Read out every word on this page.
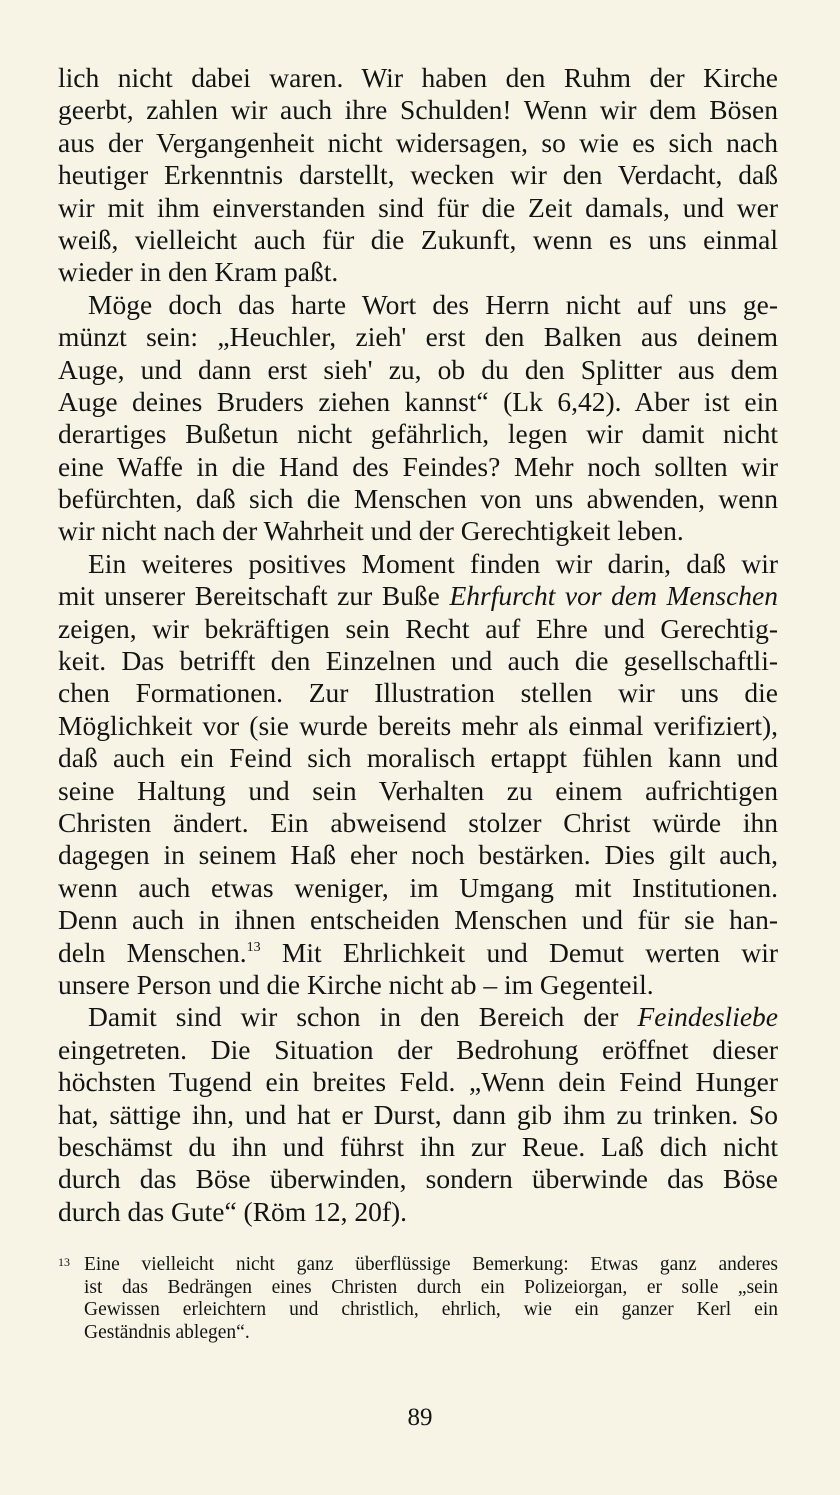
lich nicht dabei waren. Wir haben den Ruhm der Kirche
geerbt, zahlen wir auch ihre Schulden! Wenn wir dem Bösen
aus der Vergangenheit nicht widersagen, so wie es sich nach
heutiger Erkenntnis darstellt, wecken wir den Verdacht, daß
wir mit ihm einverstanden sind für die Zeit damals, und wer
weiß, vielleicht auch für die Zukunft, wenn es uns einmal
wieder in den Kram paßt.
Möge doch das harte Wort des Herrn nicht auf uns ge-
münzt sein: „Heuchler, zieh' erst den Balken aus deinem
Auge, und dann erst sieh' zu, ob du den Splitter aus dem
Auge deines Bruders ziehen kannst“ (Lk 6,42). Aber ist ein
derartiges Bußetun nicht gefährlich, legen wir damit nicht
eine Waffe in die Hand des Feindes? Mehr noch sollten wir
befürchten, daß sich die Menschen von uns abwenden, wenn
wir nicht nach der Wahrheit und der Gerechtigkeit leben.
Ein weiteres positives Moment finden wir darin, daß wir
mit unserer Bereitschaft zur Buße Ehrfurcht vor dem Menschen
zeigen, wir bekräftigen sein Recht auf Ehre und Gerechtig-
keit. Das betrifft den Einzelnen und auch die gesellschaftli-
chen Formationen. Zur Illustration stellen wir uns die
Möglichkeit vor (sie wurde bereits mehr als einmal verifiziert),
daß auch ein Feind sich moralisch ertappt fühlen kann und
seine Haltung und sein Verhalten zu einem aufrichtigen
Christen ändert. Ein abweisend stolzer Christ würde ihn
dagegen in seinem Haß eher noch bestärken. Dies gilt auch,
wenn auch etwas weniger, im Umgang mit Institutionen.
Denn auch in ihnen entscheiden Menschen und für sie han-
deln Menschen.$^{13}$ Mit Ehrlichkeit und Demut werten wir
unsere Person und die Kirche nicht ab – im Gegenteil.
Damit sind wir schon in den Bereich der Feindesliebe
eingetreten. Die Situation der Bedrohung eröffnet dieser
höchsten Tugend ein breites Feld. „Wenn dein Feind Hunger
hat, sättige ihn, und hat er Durst, dann gib ihm zu trinken. So
beschämst du ihn und führst ihn zur Reue. Laß dich nicht
durch das Böse überwinden, sondern überwinde das Böse
durch das Gute“ (Röm 12, 20f).
13 Eine vielleicht nicht ganz überflüssige Bemerkung: Etwas ganz anderes
ist das Bedrängen eines Christen durch ein Polizeiorgan, er solle „sein
Gewissen erleichtern und christlich, ehrlich, wie ein ganzer Kerl ein
Geständnis ablegen“.
89
